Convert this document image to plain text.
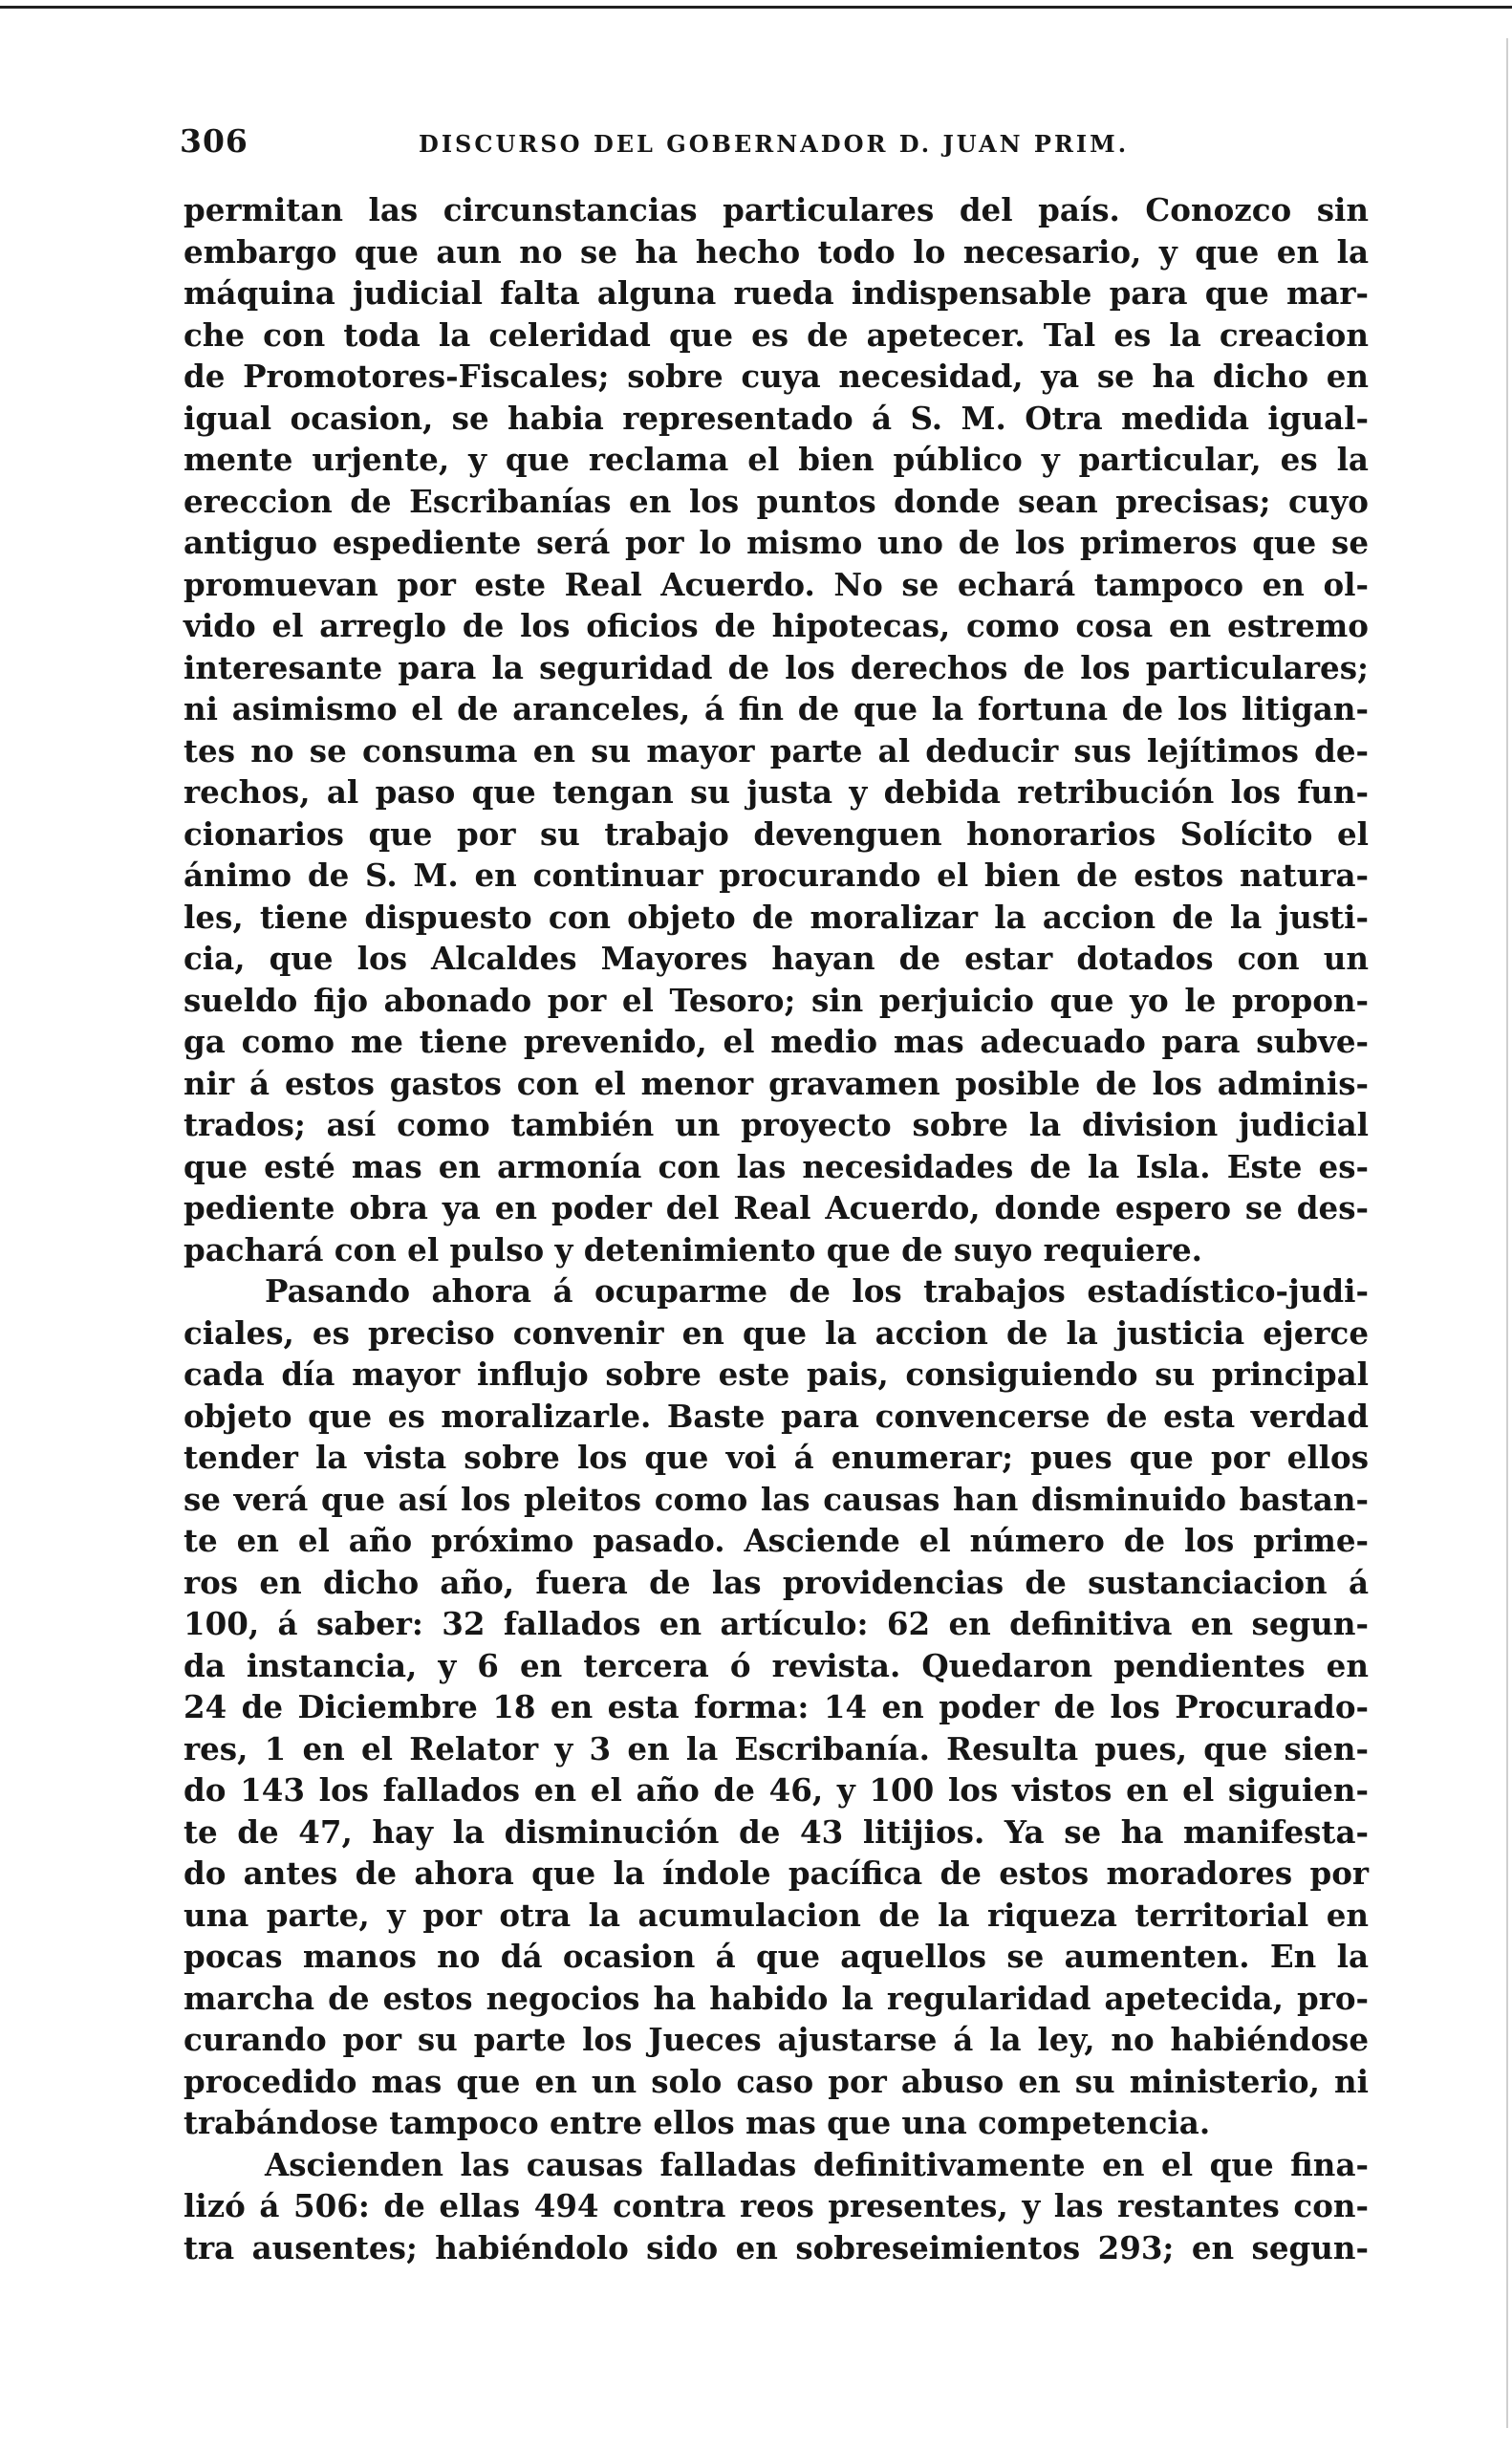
306	DISCURSO DEL GOBERNADOR D. JUAN PRIM.
permitan las circunstancias particulares del país. Conozco sin
embargo que aun no se ha hecho todo lo necesario, y que en la
máquina judicial falta alguna rueda indispensable para que mar-
che con toda la celeridad que es de apetecer. Tal es la creacion
de Promotores-Fiscales; sobre cuya necesidad, ya se ha dicho en
igual ocasion, se habia representado á S. M. Otra medida igual-
mente urjente, y que reclama el bien público y particular, es la
ereccion de Escribanías en los puntos donde sean precisas; cuyo
antiguo espediente será por lo mismo uno de los primeros que se
promuevan por este Real Acuerdo. No se echará tampoco en ol-
vido el arreglo de los oficios de hipotecas, como cosa en estremo
interesante para la seguridad de los derechos de los particulares;
ni asimismo el de aranceles, á fin de que la fortuna de los litigan-
tes no se consuma en su mayor parte al deducir sus lejítimos de-
rechos, al paso que tengan su justa y debida retribución los fun-
cionarios que por su trabajo devenguen honorarios Solícito el
ánimo de S. M. en continuar procurando el bien de estos natura-
les, tiene dispuesto con objeto de moralizar la accion de la justi-
cia, que los Alcaldes Mayores hayan de estar dotados con un
sueldo fijo abonado por el Tesoro; sin perjuicio que yo le propon-
ga como me tiene prevenido, el medio mas adecuado para subve-
nir á estos gastos con el menor gravamen posible de los adminis-
trados; así como también un proyecto sobre la division judicial
que esté mas en armonía con las necesidades de la Isla. Este es-
pediente obra ya en poder del Real Acuerdo, donde espero se des-
pachará con el pulso y detenimiento que de suyo requiere.
Pasando ahora á ocuparme de los trabajos estadístico-judi-
ciales, es preciso convenir en que la accion de la justicia ejerce
cada día mayor influjo sobre este pais, consiguiendo su principal
objeto que es moralizarle. Baste para convencerse de esta verdad
tender la vista sobre los que voi á enumerar; pues que por ellos
se verá que así los pleitos como las causas han disminuido bastan-
te en el año próximo pasado. Asciende el número de los prime-
ros en dicho año, fuera de las providencias de sustanciacion á
100, á saber: 32 fallados en artículo: 62 en definitiva en segun-
da instancia, y 6 en tercera ó revista. Quedaron pendientes en
24 de Diciembre 18 en esta forma: 14 en poder de los Procurado-
res, 1 en el Relator y 3 en la Escribanía. Resulta pues, que sien-
do 143 los fallados en el año de 46, y 100 los vistos en el siguien-
te de 47, hay la disminución de 43 litijios. Ya se ha manifesta-
do antes de ahora que la índole pacífica de estos moradores por
una parte, y por otra la acumulacion de la riqueza territorial en
pocas manos no dá ocasion á que aquellos se aumenten. En la
marcha de estos negocios ha habido la regularidad apetecida, pro-
curando por su parte los Jueces ajustarse á la ley, no habiéndose
procedido mas que en un solo caso por abuso en su ministerio, ni
trabándose tampoco entre ellos mas que una competencia.
Ascienden las causas falladas definitivamente en el que fina-
lizó á 506: de ellas 494 contra reos presentes, y las restantes con-
tra ausentes; habiéndolo sido en sobreseimientos 293; en segun-
